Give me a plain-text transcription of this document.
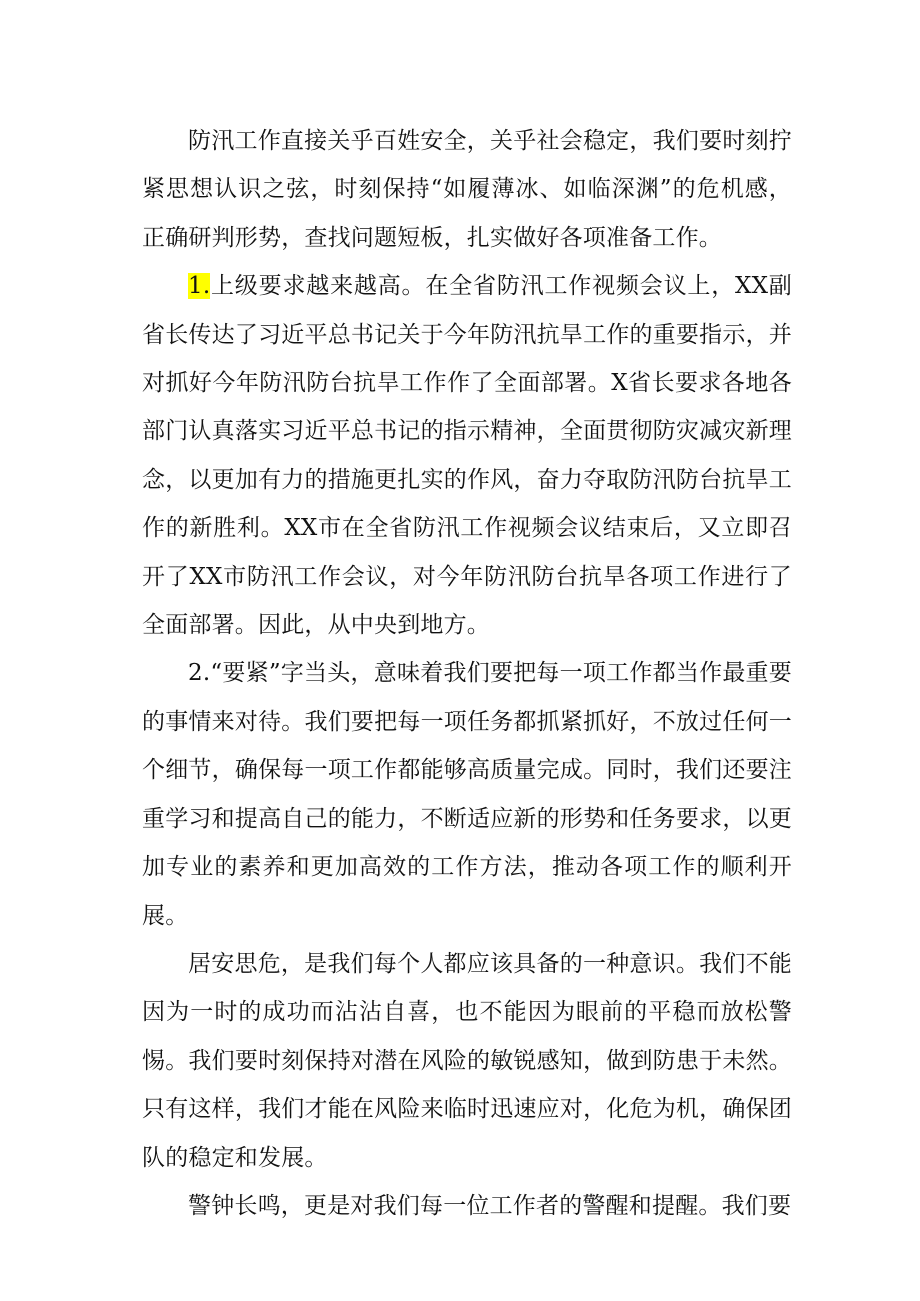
防汛工作直接关乎百姓安全，关乎社会稳定，我们要时刻拧紧思想认识之弦，时刻保持“如履薄冰、如临深渊”的危机感，正确研判形势，查找问题短板，扎实做好各项准备工作。

1.上级要求越来越高。在全省防汛工作视频会议上，XX副省长传达了习近平总书记关于今年防汛抗旱工作的重要指示，并对抓好今年防汛防台抗旱工作作了全面部署。X省长要求各地各部门认真落实习近平总书记的指示精神，全面贯彻防灾减灾新理念，以更加有力的措施更扎实的作风，奋力夺取防汛防台抗旱工作的新胜利。XX市在全省防汛工作视频会议结束后，又立即召开了XX市防汛工作会议，对今年防汛防台抗旱各项工作进行了全面部署。因此，从中央到地方。

2.“要紧”字当头，意味着我们要把每一项工作都当作最重要的事情来对待。我们要把每一项任务都抓紧抓好，不放过任何一个细节，确保每一项工作都能够高质量完成。同时，我们还要注重学习和提高自己的能力，不断适应新的形势和任务要求，以更加专业的素养和更加高效的工作方法，推动各项工作的顺利开展。

居安思危，是我们每个人都应该具备的一种意识。我们不能因为一时的成功而沾沾自喜，也不能因为眼前的平稳而放松警惕。我们要时刻保持对潜在风险的敏锐感知，做到防患于未然。只有这样，我们才能在风险来临时迅速应对，化危为机，确保团队的稳定和发展。

警钟长鸣，更是对我们每一位工作者的警醒和提醒。我们要
